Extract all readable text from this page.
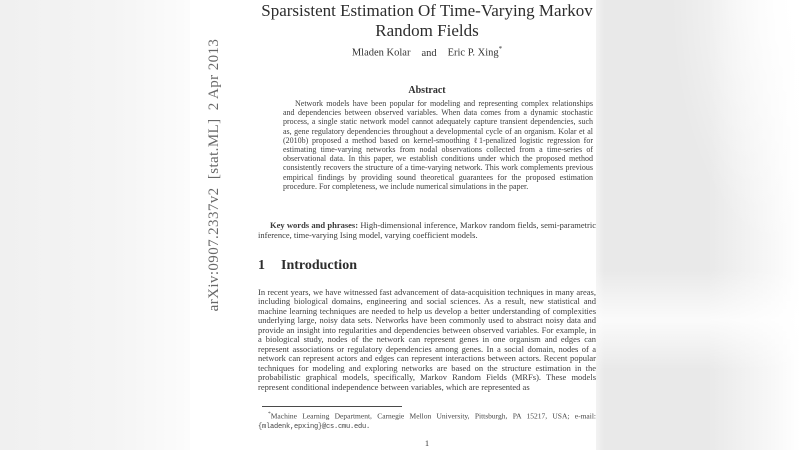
Sparsistent Estimation Of Time-Varying Markov Random Fields
Mladen Kolar and Eric P. Xing*
Abstract
Network models have been popular for modeling and representing complex relationships and dependencies between observed variables. When data comes from a dynamic stochastic process, a single static network model cannot adequately capture transient dependencies, such as, gene regulatory dependencies throughout a developmental cycle of an organism. Kolar et al (2010b) proposed a method based on kernel-smoothing ℓ1-penalized logistic regression for estimating time-varying networks from nodal observations collected from a time-series of observational data. In this paper, we establish conditions under which the proposed method consistently recovers the structure of a time-varying network. This work complements previous empirical findings by providing sound theoretical guarantees for the proposed estimation procedure. For completeness, we include numerical simulations in the paper.
Key words and phrases: High-dimensional inference, Markov random fields, semi-parametric inference, time-varying Ising model, varying coefficient models.
1 Introduction
In recent years, we have witnessed fast advancement of data-acquisition techniques in many areas, including biological domains, engineering and social sciences. As a result, new statistical and machine learning techniques are needed to help us develop a better understanding of complexities underlying large, noisy data sets. Networks have been commonly used to abstract noisy data and provide an insight into regularities and dependencies between observed variables. For example, in a biological study, nodes of the network can represent genes in one organism and edges can represent associations or regulatory dependencies among genes. In a social domain, nodes of a network can represent actors and edges can represent interactions between actors. Recent popular techniques for modeling and exploring networks are based on the structure estimation in the probabilistic graphical models, specifically, Markov Random Fields (MRFs). These models represent conditional independence between variables, which are represented as
*Machine Learning Department, Carnegie Mellon University, Pittsburgh, PA 15217, USA; e-mail: {mladenk,epxing}@cs.cmu.edu.
1
arXiv:0907.2337v2  [stat.ML]  2 Apr 2013
